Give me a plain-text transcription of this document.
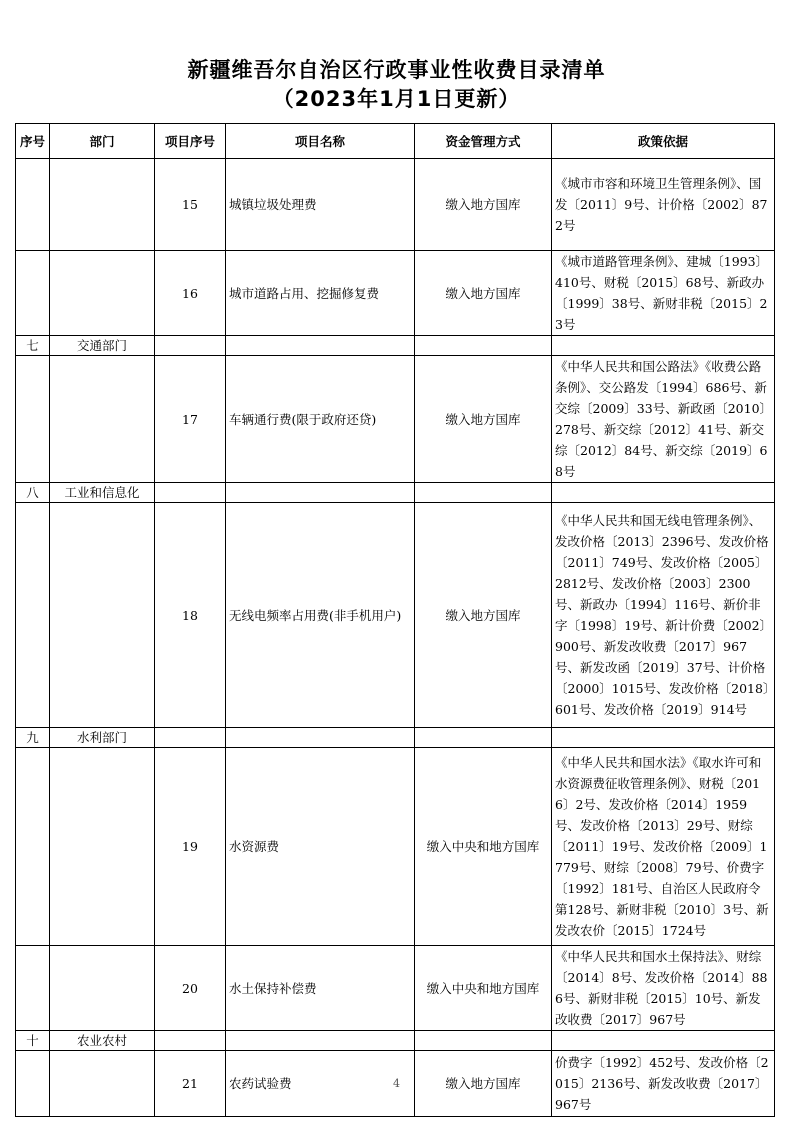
新疆维吾尔自治区行政事业性收费目录清单
（2023年1月1日更新）
序号	部门	项目序号	项目名称	资金管理方式	政策依据
		15	城镇垃圾处理费	缴入地方国库	《城市市容和环境卫生管理条例》、国发〔2011〕9号、计价格〔2002〕872号
		16	城市道路占用、挖掘修复费	缴入地方国库	《城市道路管理条例》、建城〔1993〕410号、财税〔2015〕68号、新政办〔1999〕38号、新财非税〔2015〕23号
七	交通部门				
		17	车辆通行费(限于政府还贷)	缴入地方国库	《中华人民共和国公路法》《收费公路条例》、交公路发〔1994〕686号、新交综〔2009〕33号、新政函〔2010〕278号、新交综〔2012〕41号、新交综〔2012〕84号、新交综〔2019〕68号
八	工业和信息化				
		18	无线电频率占用费(非手机用户)	缴入地方国库	《中华人民共和国无线电管理条例》、发改价格〔2013〕2396号、发改价格〔2011〕749号、发改价格〔2005〕2812号、发改价格〔2003〕2300号、新政办〔1994〕116号、新价非字〔1998〕19号、新计价费〔2002〕900号、新发改收费〔2017〕967号、新发改函〔2019〕37号、计价格〔2000〕1015号、发改价格〔2018〕601号、发改价格〔2019〕914号
九	水利部门				
		19	水资源费	缴入中央和地方国库	《中华人民共和国水法》《取水许可和水资源费征收管理条例》、财税〔2016〕2号、发改价格〔2014〕1959号、发改价格〔2013〕29号、财综〔2011〕19号、发改价格〔2009〕1779号、财综〔2008〕79号、价费字〔1992〕181号、自治区人民政府令第128号、新财非税〔2010〕3号、新发改农价〔2015〕1724号
		20	水土保持补偿费	缴入中央和地方国库	《中华人民共和国水土保持法》、财综〔2014〕8号、发改价格〔2014〕886号、新财非税〔2015〕10号、新发改收费〔2017〕967号
十	农业农村				
		21	农药试验费	缴入地方国库	价费字〔1992〕452号、发改价格〔2015〕2136号、新发改收费〔2017〕967号
4
